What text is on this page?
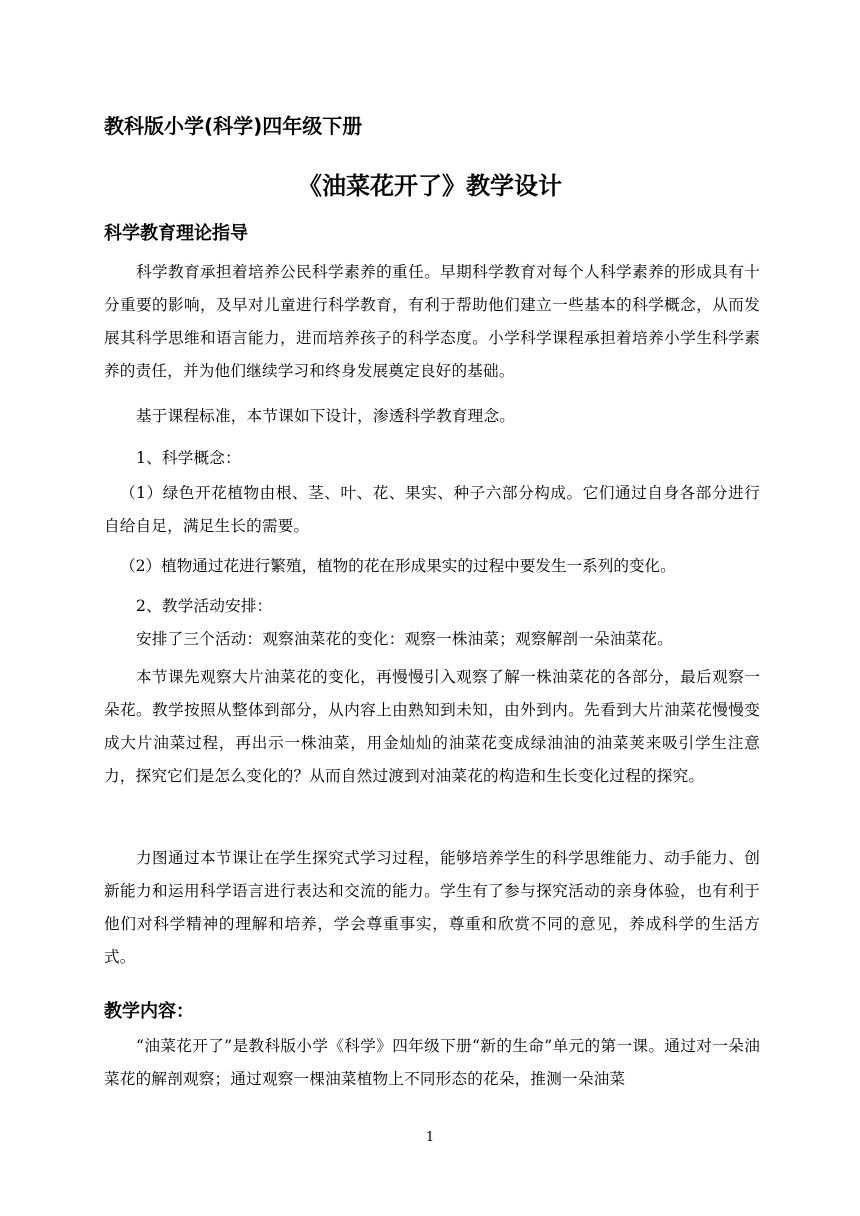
教科版小学(科学)四年级下册
《油菜花开了》教学设计
科学教育理论指导
科学教育承担着培养公民科学素养的重任。早期科学教育对每个人科学素养的形成具有十分重要的影响，及早对儿童进行科学教育，有利于帮助他们建立一些基本的科学概念，从而发展其科学思维和语言能力，进而培养孩子的科学态度。小学科学课程承担着培养小学生科学素养的责任，并为他们继续学习和终身发展奠定良好的基础。
基于课程标准，本节课如下设计，渗透科学教育理念。
1、科学概念：
（1）绿色开花植物由根、茎、叶、花、果实、种子六部分构成。它们通过自身各部分进行自给自足，满足生长的需要。
（2）植物通过花进行繁殖，植物的花在形成果实的过程中要发生一系列的变化。
2、教学活动安排：
安排了三个活动：观察油菜花的变化：观察一株油菜；观察解剖一朵油菜花。
本节课先观察大片油菜花的变化，再慢慢引入观察了解一株油菜花的各部分，最后观察一朵花。教学按照从整体到部分，从内容上由熟知到未知，由外到内。先看到大片油菜花慢慢变成大片油菜过程，再出示一株油菜，用金灿灿的油菜花变成绿油油的油菜荚来吸引学生注意力，探究它们是怎么变化的？从而自然过渡到对油菜花的构造和生长变化过程的探究。
力图通过本节课让在学生探究式学习过程，能够培养学生的科学思维能力、动手能力、创新能力和运用科学语言进行表达和交流的能力。学生有了参与探究活动的亲身体验，也有利于他们对科学精神的理解和培养，学会尊重事实，尊重和欣赏不同的意见，养成科学的生活方式。
教学内容：
“油菜花开了”是教科版小学《科学》四年级下册“新的生命”单元的第一课。通过对一朵油菜花的解剖观察；通过观察一棵油菜植物上不同形态的花朵，推测一朵油菜
1
